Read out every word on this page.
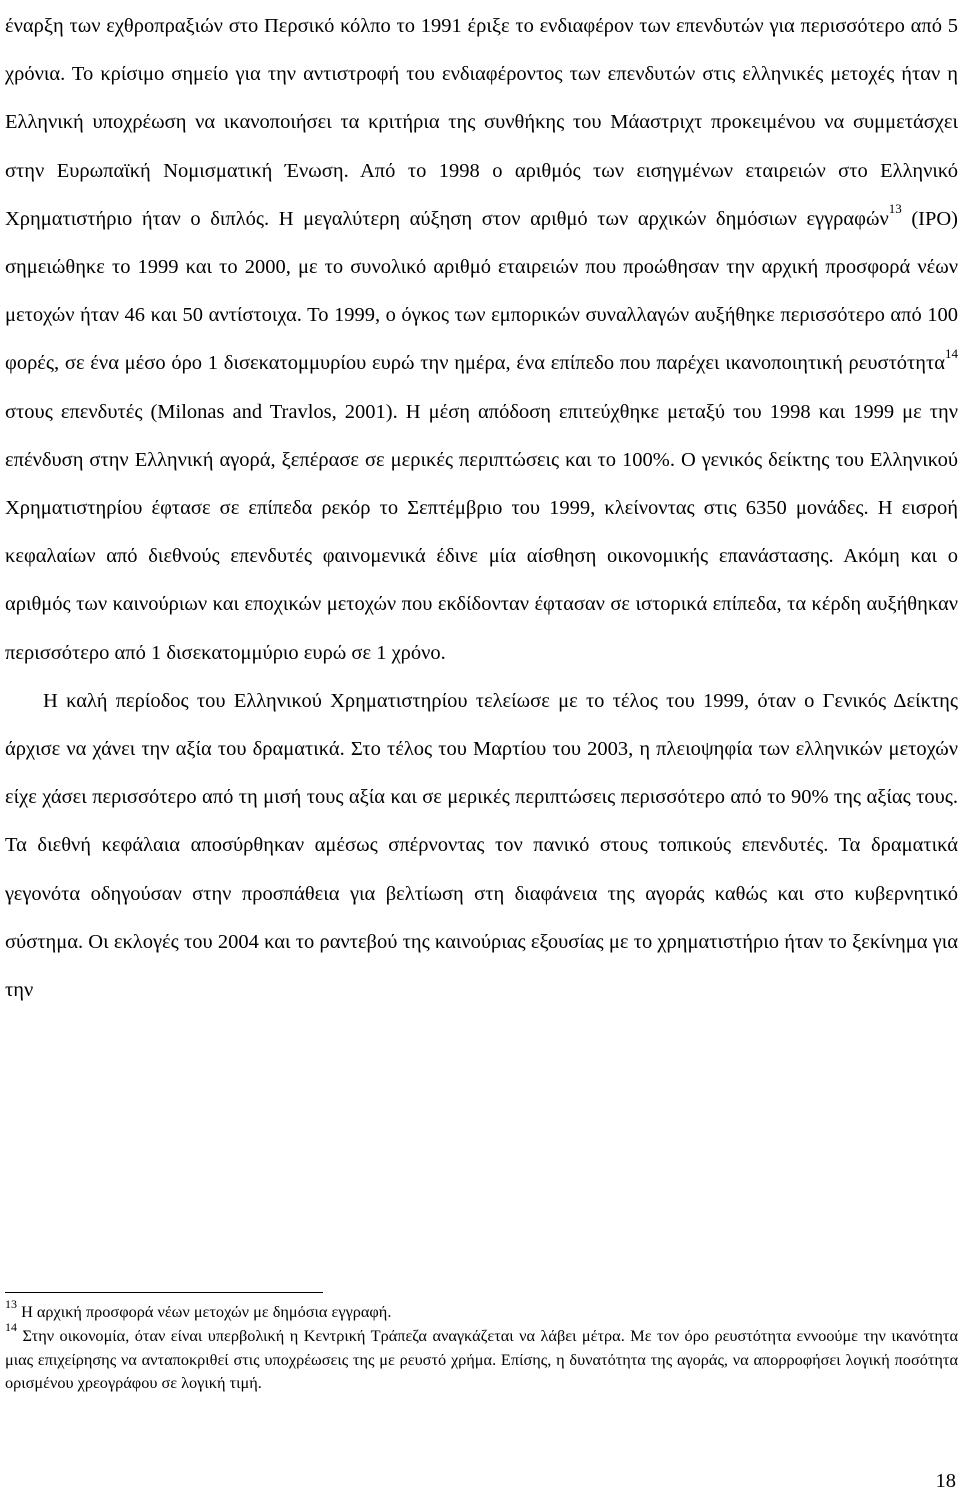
έναρξη των εχθροπραξιών στο Περσικό κόλπο το 1991 έριξε το ενδιαφέρον των επενδυτών για περισσότερο από 5 χρόνια. Το κρίσιμο σημείο για την αντιστροφή του ενδιαφέροντος των επενδυτών στις ελληνικές μετοχές ήταν η Ελληνική υποχρέωση να ικανοποιήσει τα κριτήρια της συνθήκης του Μάαστριχτ προκειμένου να συμμετάσχει στην Ευρωπαϊκή Νομισματική Ένωση. Από το 1998 ο αριθμός των εισηγμένων εταιρειών στο Ελληνικό Χρηματιστήριο ήταν ο διπλός. Η μεγαλύτερη αύξηση στον αριθμό των αρχικών δημόσιων εγγραφών$^{13}$ (IPO) σημειώθηκε το 1999 και το 2000, με το συνολικό αριθμό εταιρειών που προώθησαν την αρχική προσφορά νέων μετοχών ήταν 46 και 50 αντίστοιχα. Το 1999, ο όγκος των εμπορικών συναλλαγών αυξήθηκε περισσότερο από 100 φορές, σε ένα μέσο όρο 1 δισεκατομμυρίου ευρώ την ημέρα, ένα επίπεδο που παρέχει ικανοποιητική ρευστότητα$^{14}$ στους επενδυτές (Milonas and Travlos, 2001). Η μέση απόδοση επιτεύχθηκε μεταξύ του 1998 και 1999 με την επένδυση στην Ελληνική αγορά, ξεπέρασε σε μερικές περιπτώσεις και το 100%. Ο γενικός δείκτης του Ελληνικού Χρηματιστηρίου έφτασε σε επίπεδα ρεκόρ το Σεπτέμβριο του 1999, κλείνοντας στις 6350 μονάδες. Η εισροή κεφαλαίων από διεθνούς επενδυτές φαινομενικά έδινε μία αίσθηση οικονομικής επανάστασης. Ακόμη και ο αριθμός των καινούριων και εποχικών μετοχών που εκδίδονταν έφτασαν σε ιστορικά επίπεδα, τα κέρδη αυξήθηκαν περισσότερο από 1 δισεκατομμύριο ευρώ σε 1 χρόνο.

Η καλή περίοδος του Ελληνικού Χρηματιστηρίου τελείωσε με το τέλος του 1999, όταν ο Γενικός Δείκτης άρχισε να χάνει την αξία του δραματικά. Στο τέλος του Μαρτίου του 2003, η πλειοψηφία των ελληνικών μετοχών είχε χάσει περισσότερο από τη μισή τους αξία και σε μερικές περιπτώσεις περισσότερο από το 90% της αξίας τους. Τα διεθνή κεφάλαια αποσύρθηκαν αμέσως σπέρνοντας τον πανικό στους τοπικούς επενδυτές. Τα δραματικά γεγονότα οδηγούσαν στην προσπάθεια για βελτίωση στη διαφάνεια της αγοράς καθώς και στο κυβερνητικό σύστημα. Οι εκλογές του 2004 και το ραντεβού της καινούριας εξουσίας με το χρηματιστήριο ήταν το ξεκίνημα για την

$^{13}$ Η αρχική προσφορά νέων μετοχών με δημόσια εγγραφή.

$^{14}$ Στην οικονομία, όταν είναι υπερβολική η Κεντρική Τράπεζα αναγκάζεται να λάβει μέτρα. Με τον όρο ρευστότητα εννοούμε την ικανότητα μιας επιχείρησης να ανταποκριθεί στις υποχρέωσεις της με ρευστό χρήμα. Επίσης, η δυνατότητα της αγοράς, να απορροφήσει λογική ποσότητα ορισμένου χρεογράφου σε λογική τιμή.

18
